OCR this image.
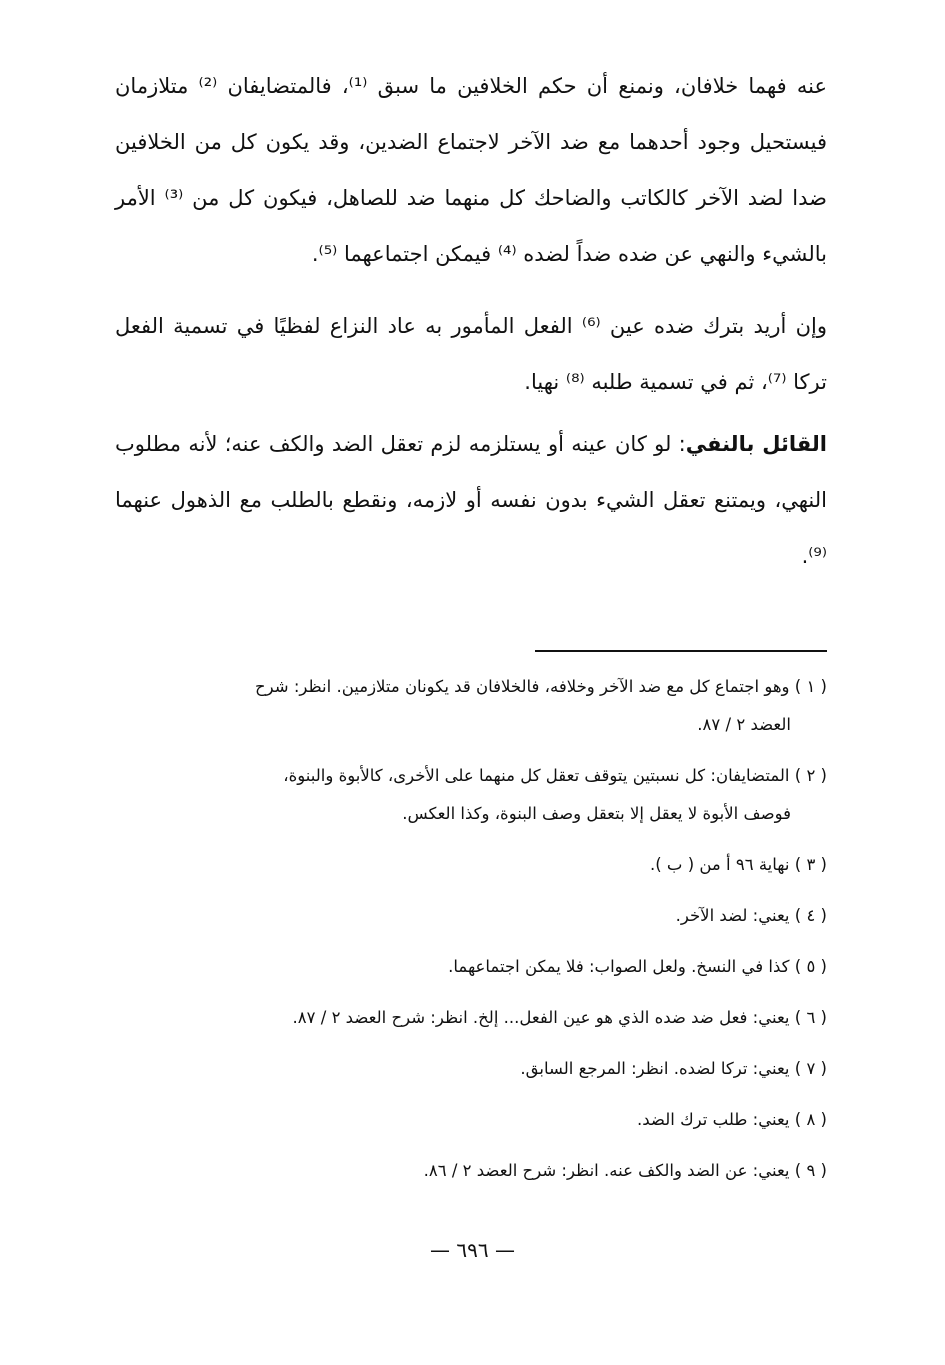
عنه فهما خلافان، ونمنع أن حكم الخلافين ما سبق ⁽¹⁾، فالمتضايفان ⁽²⁾ متلازمان فيستحيل وجود أحدهما مع ضد الآخر لاجتماع الضدين، وقد يكون كل من الخلافين ضدا لضد الآخر كالكاتب والضاحك كل منهما ضد للصاهل، فيكون كل من ⁽³⁾ الأمر بالشيء والنهي عن ضده ضداً لضده ⁽⁴⁾ فيمكن اجتماعهما ⁽⁵⁾.

وإن أريد بترك ضده عين ⁽⁶⁾ الفعل المأمور به عاد النزاع لفظيًا في تسمية الفعل تركا ⁽⁷⁾، ثم في تسمية طلبه ⁽⁸⁾ نهيا.

القائل بالنفي: لو كان عينه أو يستلزمه لزم تعقل الضد والكف عنه؛ لأنه مطلوب النهي، ويمتنع تعقل الشيء بدون نفسه أو لازمه، ونقطع بالطلب مع الذهول عنهما ⁽⁹⁾.

( ١ ) وهو اجتماع كل مع ضد الآخر وخلافه، فالخلافان قد يكونان متلازمين. انظر: شرح
العضد ٢ / ٨٧.

( ٢ ) المتضايفان: كل نسبتين يتوقف تعقل كل منهما على الأخرى، كالأبوة والبنوة،
فوصف الأبوة لا يعقل إلا بتعقل وصف البنوة، وكذا العكس.

( ٣ ) نهاية ٩٦ أ من ( ب ).

( ٤ ) يعني: لضد الآخر.

( ٥ ) كذا في النسخ. ولعل الصواب: فلا يمكن اجتماعهما.

( ٦ ) يعني: فعل ضد ضده الذي هو عين الفعل... إلخ. انظر: شرح العضد ٢ / ٨٧.

( ٧ ) يعني: تركا لضده. انظر: المرجع السابق.

( ٨ ) يعني: طلب ترك الضد.

( ٩ ) يعني: عن الضد والكف عنه. انظر: شرح العضد ٢ / ٨٦.

— ٦٩٦ —
